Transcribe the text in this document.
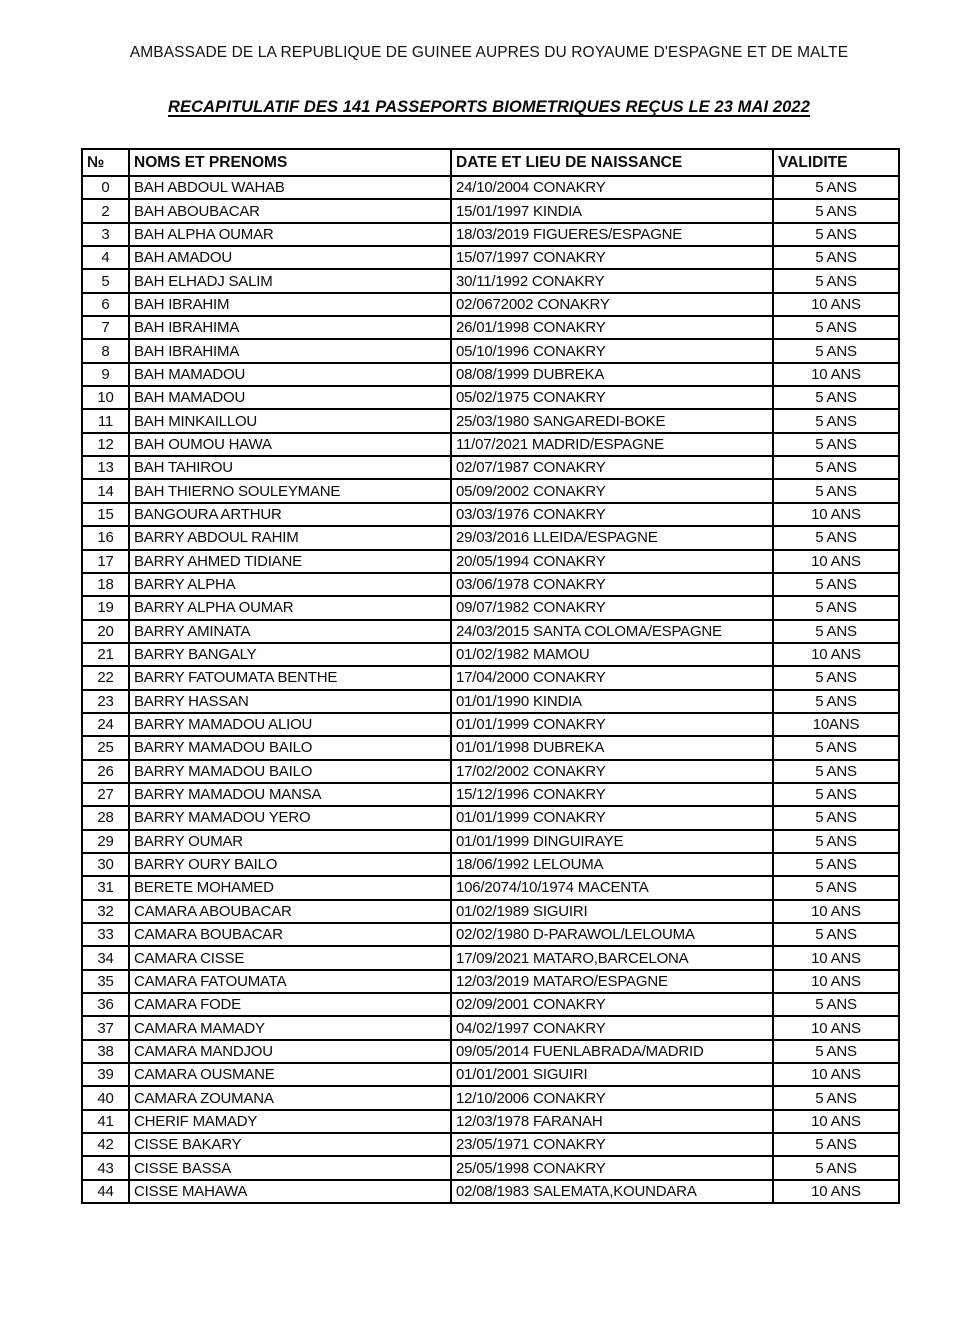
AMBASSADE DE LA REPUBLIQUE DE GUINEE AUPRES DU ROYAUME D'ESPAGNE ET DE MALTE
RECAPITULATIF DES 141 PASSEPORTS BIOMETRIQUES REÇUS LE 23 MAI 2022
№	NOMS ET PRENOMS	DATE ET LIEU DE NAISSANCE	VALIDITE
0	BAH ABDOUL WAHAB	24/10/2004 CONAKRY	5 ANS
2	BAH ABOUBACAR	15/01/1997 KINDIA	5 ANS
3	BAH ALPHA OUMAR	18/03/2019 FIGUERES/ESPAGNE	5 ANS
4	BAH AMADOU	15/07/1997 CONAKRY	5 ANS
5	BAH ELHADJ SALIM	30/11/1992 CONAKRY	5 ANS
6	BAH IBRAHIM	02/0672002 CONAKRY	10 ANS
7	BAH IBRAHIMA	26/01/1998 CONAKRY	5 ANS
8	BAH IBRAHIMA	05/10/1996 CONAKRY	5 ANS
9	BAH MAMADOU	08/08/1999 DUBREKA	10 ANS
10	BAH MAMADOU	05/02/1975 CONAKRY	5 ANS
11	BAH MINKAILLOU	25/03/1980 SANGAREDI-BOKE	5 ANS
12	BAH OUMOU HAWA	11/07/2021 MADRID/ESPAGNE	5 ANS
13	BAH TAHIROU	02/07/1987 CONAKRY	5 ANS
14	BAH THIERNO SOULEYMANE	05/09/2002 CONAKRY	5 ANS
15	BANGOURA ARTHUR	03/03/1976 CONAKRY	10 ANS
16	BARRY ABDOUL RAHIM	29/03/2016 LLEIDA/ESPAGNE	5 ANS
17	BARRY AHMED TIDIANE	20/05/1994 CONAKRY	10 ANS
18	BARRY ALPHA	03/06/1978 CONAKRY	5 ANS
19	BARRY ALPHA OUMAR	09/07/1982 CONAKRY	5 ANS
20	BARRY AMINATA	24/03/2015 SANTA COLOMA/ESPAGNE	5 ANS
21	BARRY BANGALY	01/02/1982 MAMOU	10 ANS
22	BARRY FATOUMATA BENTHE	17/04/2000 CONAKRY	5 ANS
23	BARRY HASSAN	01/01/1990 KINDIA	5 ANS
24	BARRY MAMADOU ALIOU	01/01/1999 CONAKRY	10ANS
25	BARRY MAMADOU BAILO	01/01/1998 DUBREKA	5 ANS
26	BARRY MAMADOU BAILO	17/02/2002 CONAKRY	5 ANS
27	BARRY MAMADOU MANSA	15/12/1996 CONAKRY	5 ANS
28	BARRY MAMADOU YERO	01/01/1999 CONAKRY	5 ANS
29	BARRY OUMAR	01/01/1999 DINGUIRAYE	5 ANS
30	BARRY OURY BAILO	18/06/1992 LELOUMA	5 ANS
31	BERETE MOHAMED	106/2074/10/1974 MACENTA	5 ANS
32	CAMARA ABOUBACAR	01/02/1989 SIGUIRI	10 ANS
33	CAMARA BOUBACAR	02/02/1980 D-PARAWOL/LELOUMA	5 ANS
34	CAMARA CISSE	17/09/2021 MATARO,BARCELONA	10 ANS
35	CAMARA FATOUMATA	12/03/2019 MATARO/ESPAGNE	10 ANS
36	CAMARA FODE	02/09/2001 CONAKRY	5 ANS
37	CAMARA MAMADY	04/02/1997 CONAKRY	10 ANS
38	CAMARA MANDJOU	09/05/2014 FUENLABRADA/MADRID	5 ANS
39	CAMARA OUSMANE	01/01/2001 SIGUIRI	10 ANS
40	CAMARA ZOUMANA	12/10/2006 CONAKRY	5 ANS
41	CHERIF MAMADY	12/03/1978 FARANAH	10 ANS
42	CISSE BAKARY	23/05/1971 CONAKRY	5 ANS
43	CISSE BASSA	25/05/1998 CONAKRY	5 ANS
44	CISSE MAHAWA	02/08/1983 SALEMATA,KOUNDARA	10 ANS
